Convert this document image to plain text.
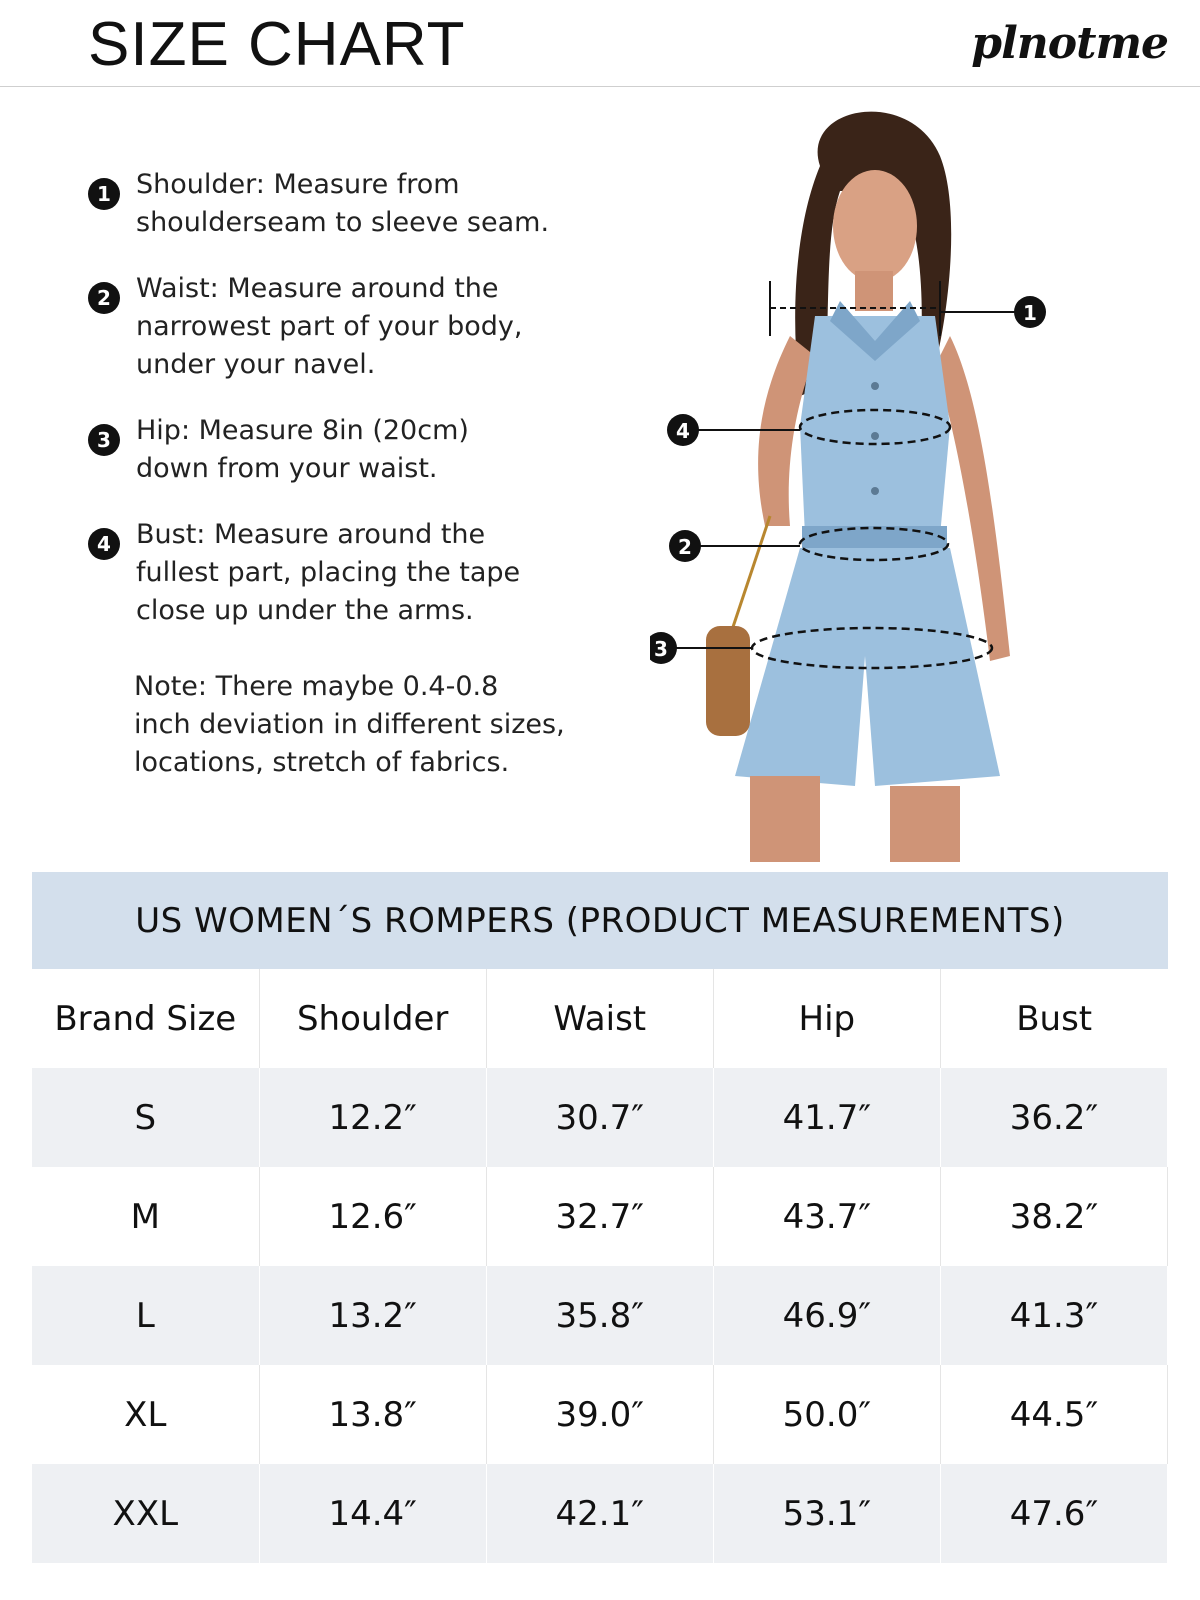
SIZE CHART	plnotme
1 Shoulder: Measure from
shoulderseam to sleeve seam.
2 Waist: Measure around the
narrowest part of your body,
under your navel.
3 Hip: Measure 8in (20cm)
down from your waist.
4 Bust: Measure around the
fullest part, placing the tape
close up under the arms.
Note: There maybe 0.4-0.8
inch deviation in different sizes,
locations, stretch of fabrics.
1
4
2
3
US WOMEN´S ROMPERS (PRODUCT MEASUREMENTS)
Brand Size	Shoulder	Waist	Hip	Bust
S	12.2″	30.7″	41.7″	36.2″
M	12.6″	32.7″	43.7″	38.2″
L	13.2″	35.8″	46.9″	41.3″
XL	13.8″	39.0″	50.0″	44.5″
XXL	14.4″	42.1″	53.1″	47.6″
